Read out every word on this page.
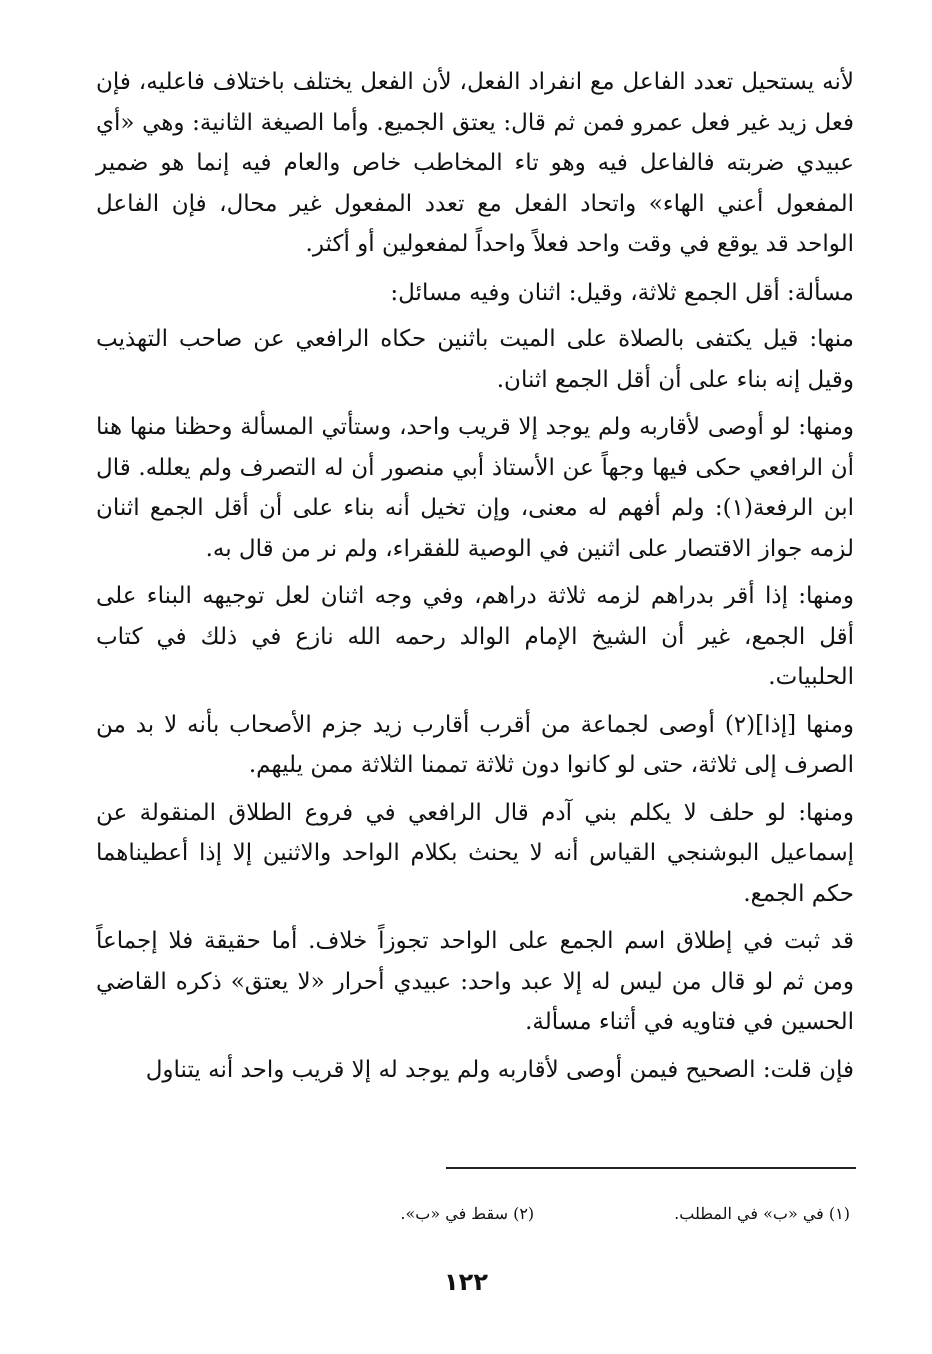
لأنه يستحيل تعدد الفاعل مع انفراد الفعل، لأن الفعل يختلف باختلاف فاعليه، فإن فعل زيد غير فعل عمرو فمن ثم قال: يعتق الجميع. وأما الصيغة الثانية: وهي «أي عبيدي ضربته فالفاعل فيه وهو تاء المخاطب خاص والعام فيه إنما هو ضمير المفعول أعني الهاء» واتحاد الفعل مع تعدد المفعول غير محال، فإن الفاعل الواحد قد يوقع في وقت واحد فعلاً واحداً لمفعولين أو أكثر.

مسألة: أقل الجمع ثلاثة، وقيل: اثنان وفيه مسائل:

منها: قيل يكتفى بالصلاة على الميت باثنين حكاه الرافعي عن صاحب التهذيب وقيل إنه بناء على أن أقل الجمع اثنان.

ومنها: لو أوصى لأقاربه ولم يوجد إلا قريب واحد، وستأتي المسألة وحظنا منها هنا أن الرافعي حكى فيها وجهاً عن الأستاذ أبي منصور أن له التصرف ولم يعلله. قال ابن الرفعة(١): ولم أفهم له معنى، وإن تخيل أنه بناء على أن أقل الجمع اثنان لزمه جواز الاقتصار على اثنين في الوصية للفقراء، ولم نر من قال به.

ومنها: إذا أقر بدراهم لزمه ثلاثة دراهم، وفي وجه اثنان لعل توجيهه البناء على أقل الجمع، غير أن الشيخ الإمام الوالد رحمه الله نازع في ذلك في كتاب الحلبيات.

ومنها [إذا](٢) أوصى لجماعة من أقرب أقارب زيد جزم الأصحاب بأنه لا بد من الصرف إلى ثلاثة، حتى لو كانوا دون ثلاثة تممنا الثلاثة ممن يليهم.

ومنها: لو حلف لا يكلم بني آدم قال الرافعي في فروع الطلاق المنقولة عن إسماعيل البوشنجي القياس أنه لا يحنث بكلام الواحد والاثنين إلا إذا أعطيناهما حكم الجمع.

قد ثبت في إطلاق اسم الجمع على الواحد تجوزاً خلاف. أما حقيقة فلا إجماعاً ومن ثم لو قال من ليس له إلا عبد واحد: عبيدي أحرار «لا يعتق» ذكره القاضي الحسين في فتاويه في أثناء مسألة.

فإن قلت: الصحيح فيمن أوصى لأقاربه ولم يوجد له إلا قريب واحد أنه يتناول

(١) في «ب» في المطلب.
(٢) سقط في «ب».
١٢٢
